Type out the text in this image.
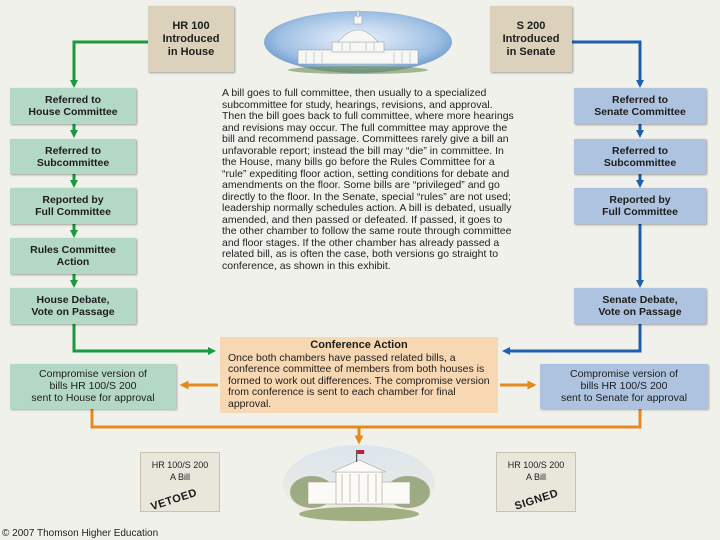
HR 100
Introduced
in House
S 200
Introduced
in Senate
Referred to
House Committee
Referred to
Subcommittee
Reported by
Full Committee
Rules Committee
Action
House Debate,
Vote on Passage
Referred to
Senate Committee
Referred to
Subcommittee
Reported by
Full Committee
Senate Debate,
Vote on Passage
A bill goes to full committee, then usually to a specialized subcommittee for study, hearings, revisions, and approval. Then the bill goes back to full committee, where more hearings and revisions may occur. The full committee may approve the bill and recommend passage. Committees rarely give a bill an unfavorable report; instead the bill may “die” in committee. In the House, many bills go before the Rules Committee for a “rule” expediting floor action, setting conditions for debate and amendments on the floor. Some bills are “privileged” and go directly to the floor. In the Senate, special “rules” are not used; leadership normally schedules action. A bill is debated, usually amended, and then passed or defeated. If passed, it goes to the other chamber to follow the same route through committee and floor stages. If the other chamber has already passed a related bill, as is often the case, both versions go straight to conference, as shown in this exhibit.
Conference Action
Once both chambers have passed related bills, a conference committee of members from both houses is formed to work out differences. The compromise version from conference is sent to each chamber for final approval.
Compromise version of
bills HR 100/S 200
sent to House for approval
Compromise version of
bills HR 100/S 200
sent to Senate for approval
HR 100/S 200
A Bill
VETOED
HR 100/S 200
A Bill
SIGNED
© 2007 Thomson Higher Education
